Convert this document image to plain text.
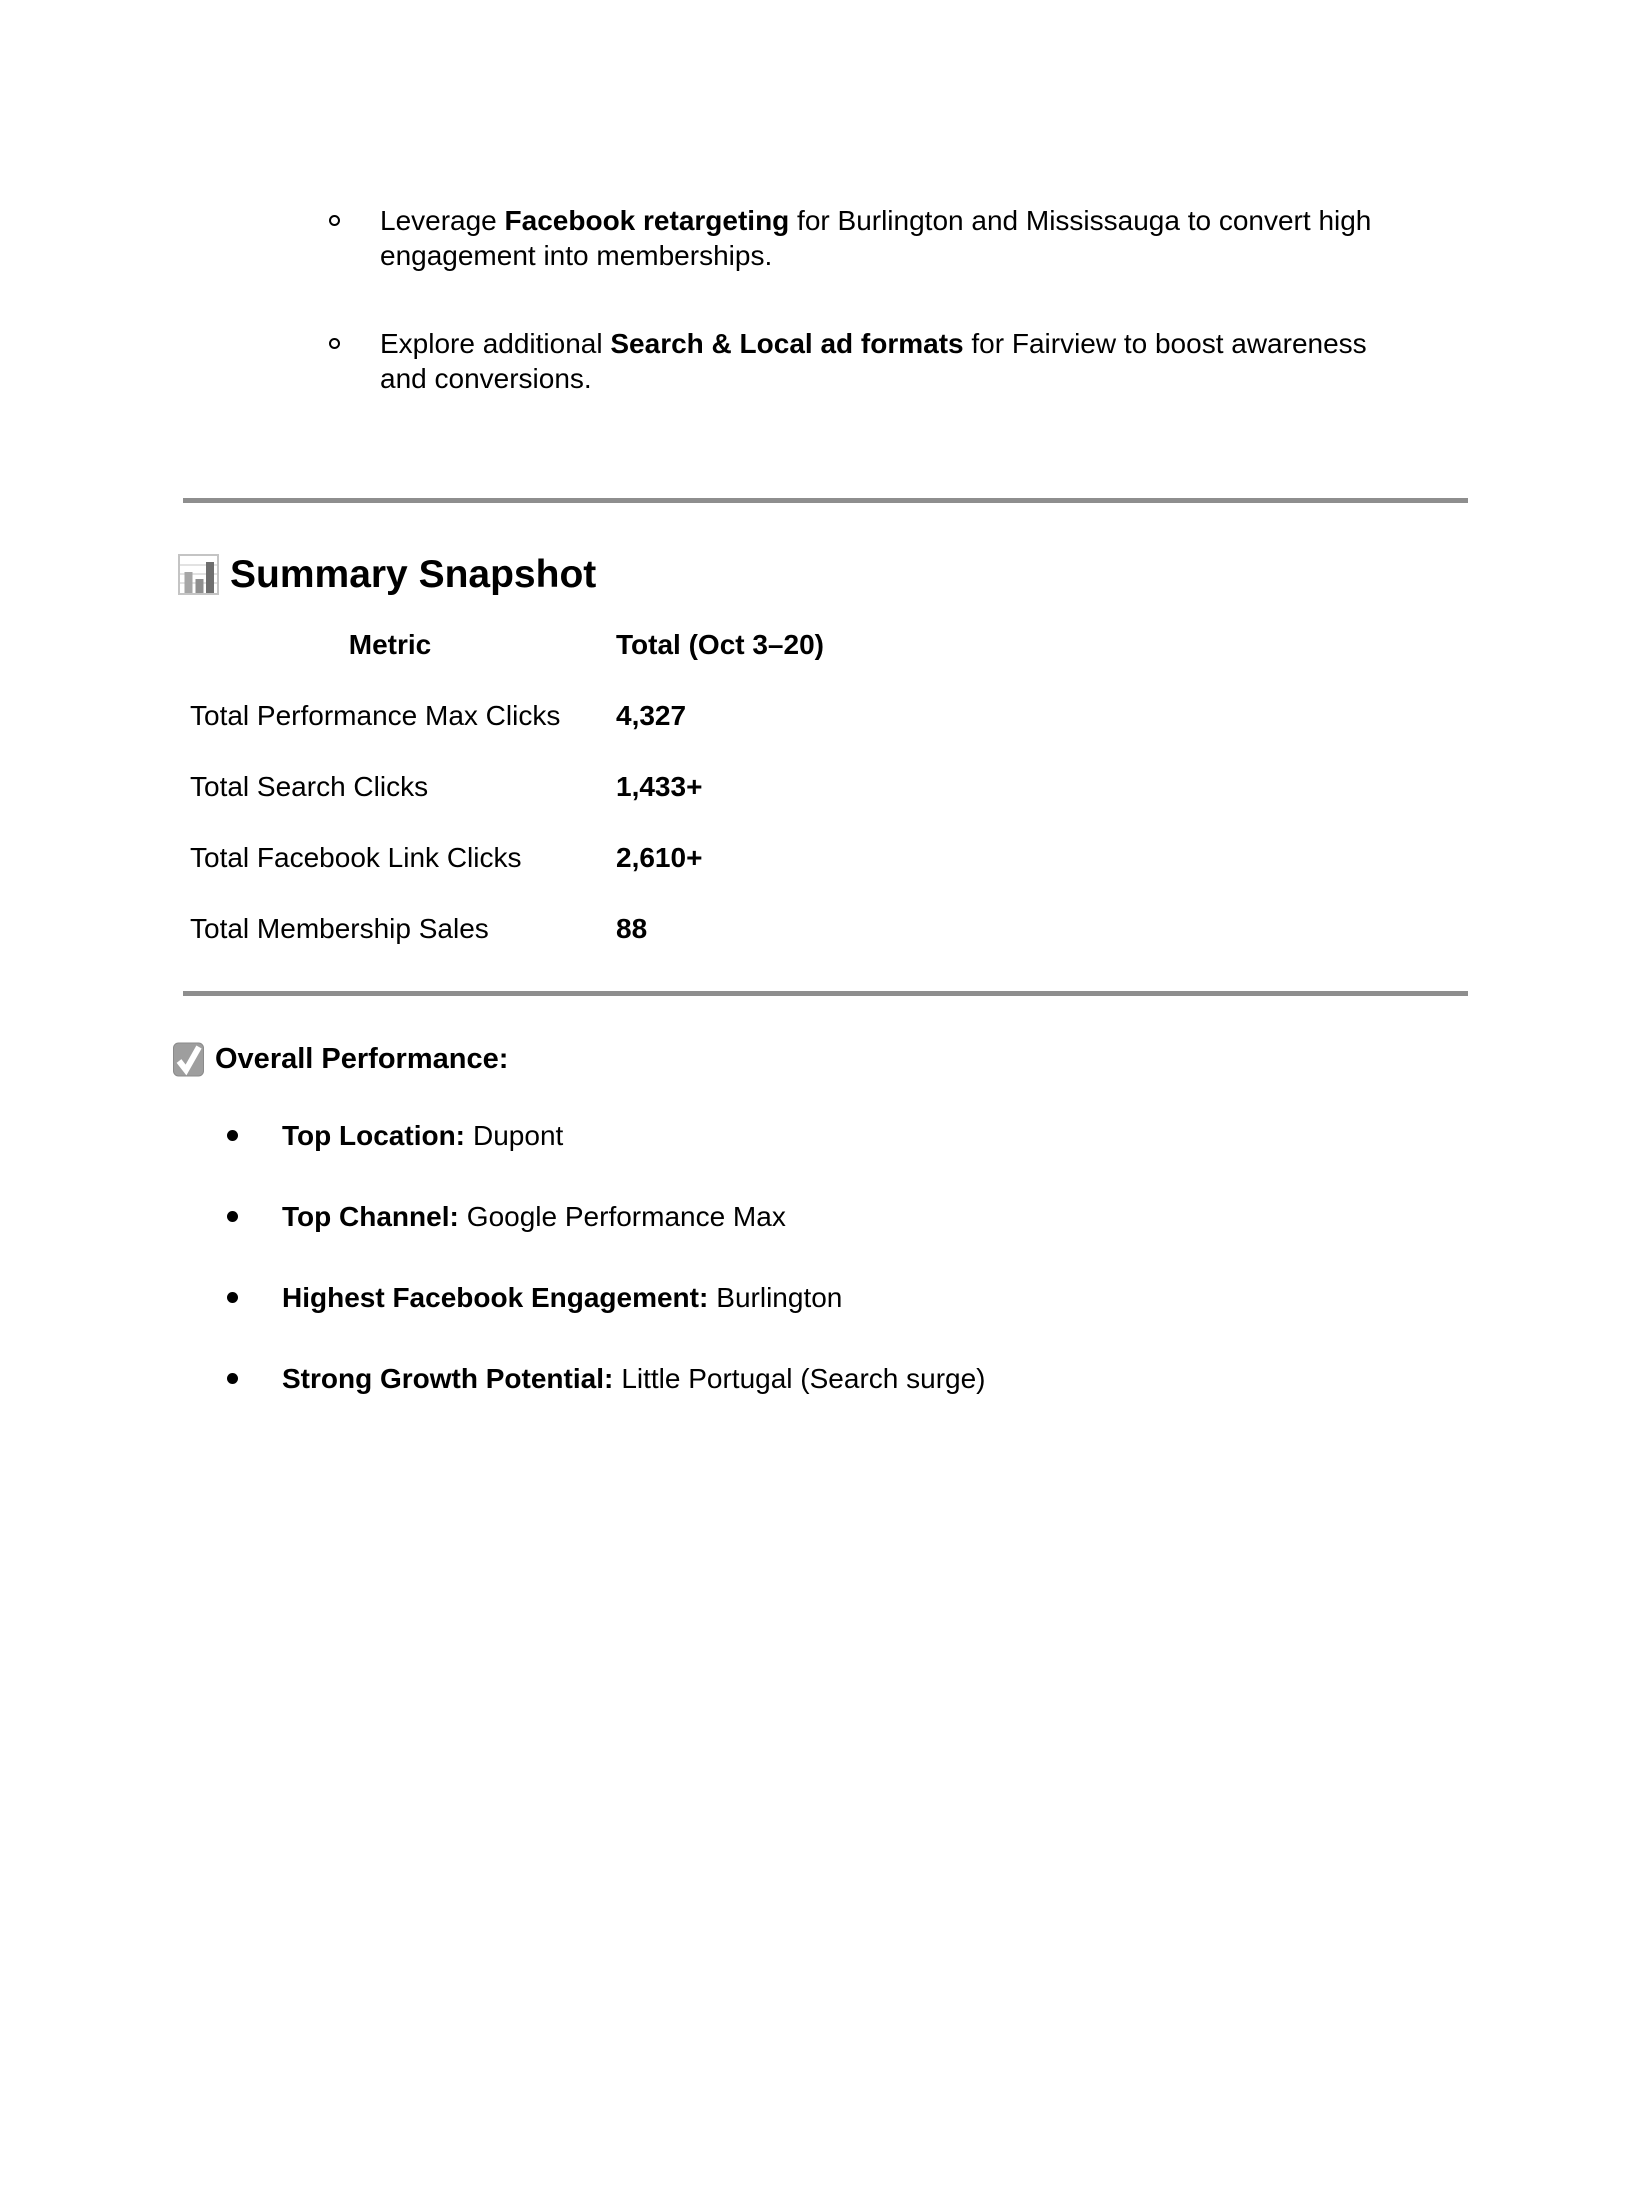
Leverage Facebook retargeting for Burlington and Mississauga to convert high
engagement into memberships.
Explore additional Search & Local ad formats for Fairview to boost awareness
and conversions.
Summary Snapshot
Metric	Total (Oct 3–20)
Total Performance Max Clicks 4,327
Total Search Clicks	1,433+
Total Facebook Link Clicks	2,610+
Total Membership Sales	88
Overall Performance:
Top Location: Dupont
Top Channel: Google Performance Max
Highest Facebook Engagement: Burlington
Strong Growth Potential: Little Portugal (Search surge)
